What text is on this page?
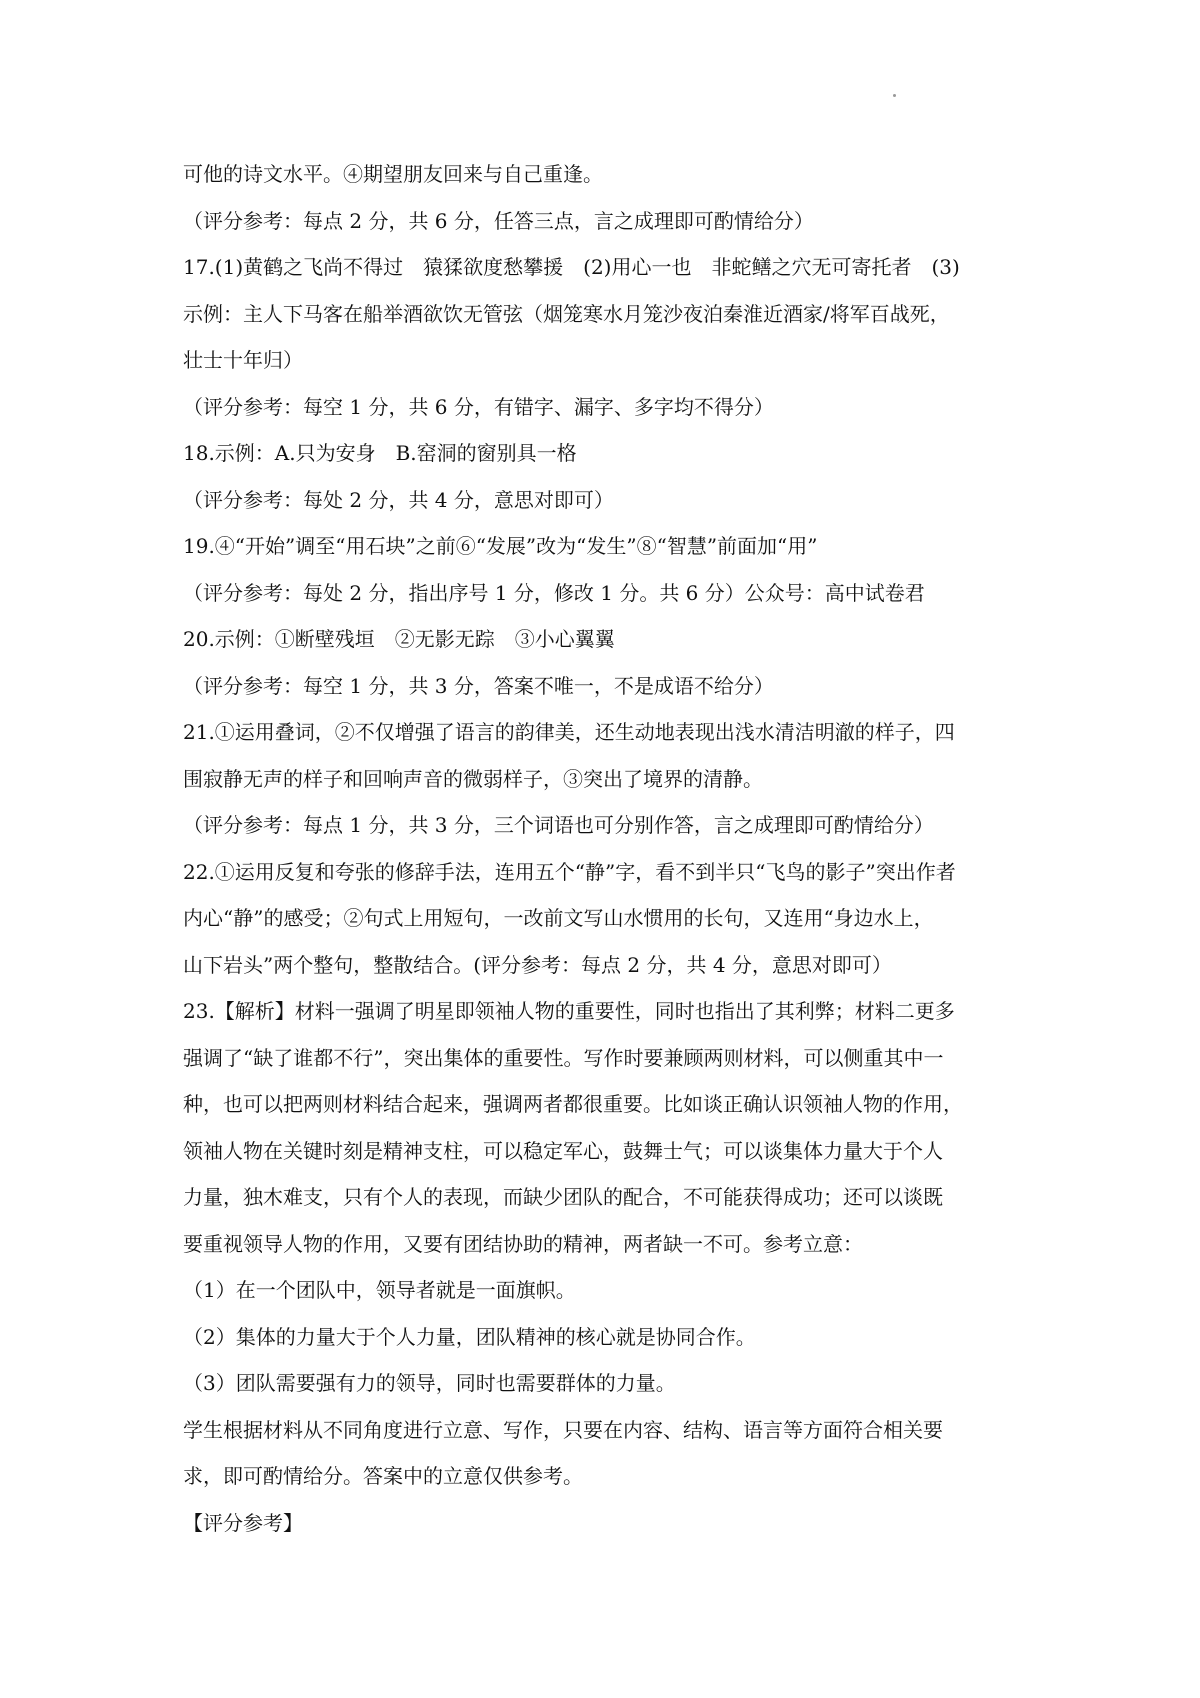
可他的诗文水平。④期望朋友回来与自己重逢。
（评分参考：每点 2 分，共 6 分，任答三点，言之成理即可酌情给分）
17.(1)黄鹤之飞尚不得过　猿猱欲度愁攀援　(2)用心一也　非蛇鳝之穴无可寄托者　(3)
示例：主人下马客在船举酒欲饮无管弦（烟笼寒水月笼沙夜泊秦淮近酒家/将军百战死，
壮士十年归）
（评分参考：每空 1 分，共 6 分，有错字、漏字、多字均不得分）
18.示例：A.只为安身　B.窑洞的窗别具一格
（评分参考：每处 2 分，共 4 分，意思对即可）
19.④“开始”调至“用石块”之前⑥“发展”改为“发生”⑧“智慧”前面加“用”
（评分参考：每处 2 分，指出序号 1 分，修改 1 分。共 6 分）公众号：高中试卷君
20.示例：①断壁残垣　②无影无踪　③小心翼翼
（评分参考：每空 1 分，共 3 分，答案不唯一，不是成语不给分）
21.①运用叠词，②不仅增强了语言的韵律美，还生动地表现出浅水清洁明澈的样子，四
围寂静无声的样子和回响声音的微弱样子，③突出了境界的清静。
（评分参考：每点 1 分，共 3 分，三个词语也可分别作答，言之成理即可酌情给分）
22.①运用反复和夸张的修辞手法，连用五个“静”字，看不到半只“飞鸟的影子”突出作者
内心“静”的感受；②句式上用短句，一改前文写山水惯用的长句，又连用“身边水上，
山下岩头”两个整句，整散结合。(评分参考：每点 2 分，共 4 分，意思对即可）
23.【解析】材料一强调了明星即领袖人物的重要性，同时也指出了其利弊；材料二更多
强调了“缺了谁都不行”，突出集体的重要性。写作时要兼顾两则材料，可以侧重其中一
种，也可以把两则材料结合起来，强调两者都很重要。比如谈正确认识领袖人物的作用，
领袖人物在关键时刻是精神支柱，可以稳定军心，鼓舞士气；可以谈集体力量大于个人
力量，独木难支，只有个人的表现，而缺少团队的配合，不可能获得成功；还可以谈既
要重视领导人物的作用，又要有团结协助的精神，两者缺一不可。参考立意：
（1）在一个团队中，领导者就是一面旗帜。
（2）集体的力量大于个人力量，团队精神的核心就是协同合作。
（3）团队需要强有力的领导，同时也需要群体的力量。
学生根据材料从不同角度进行立意、写作，只要在内容、结构、语言等方面符合相关要
求，即可酌情给分。答案中的立意仅供参考。
【评分参考】
